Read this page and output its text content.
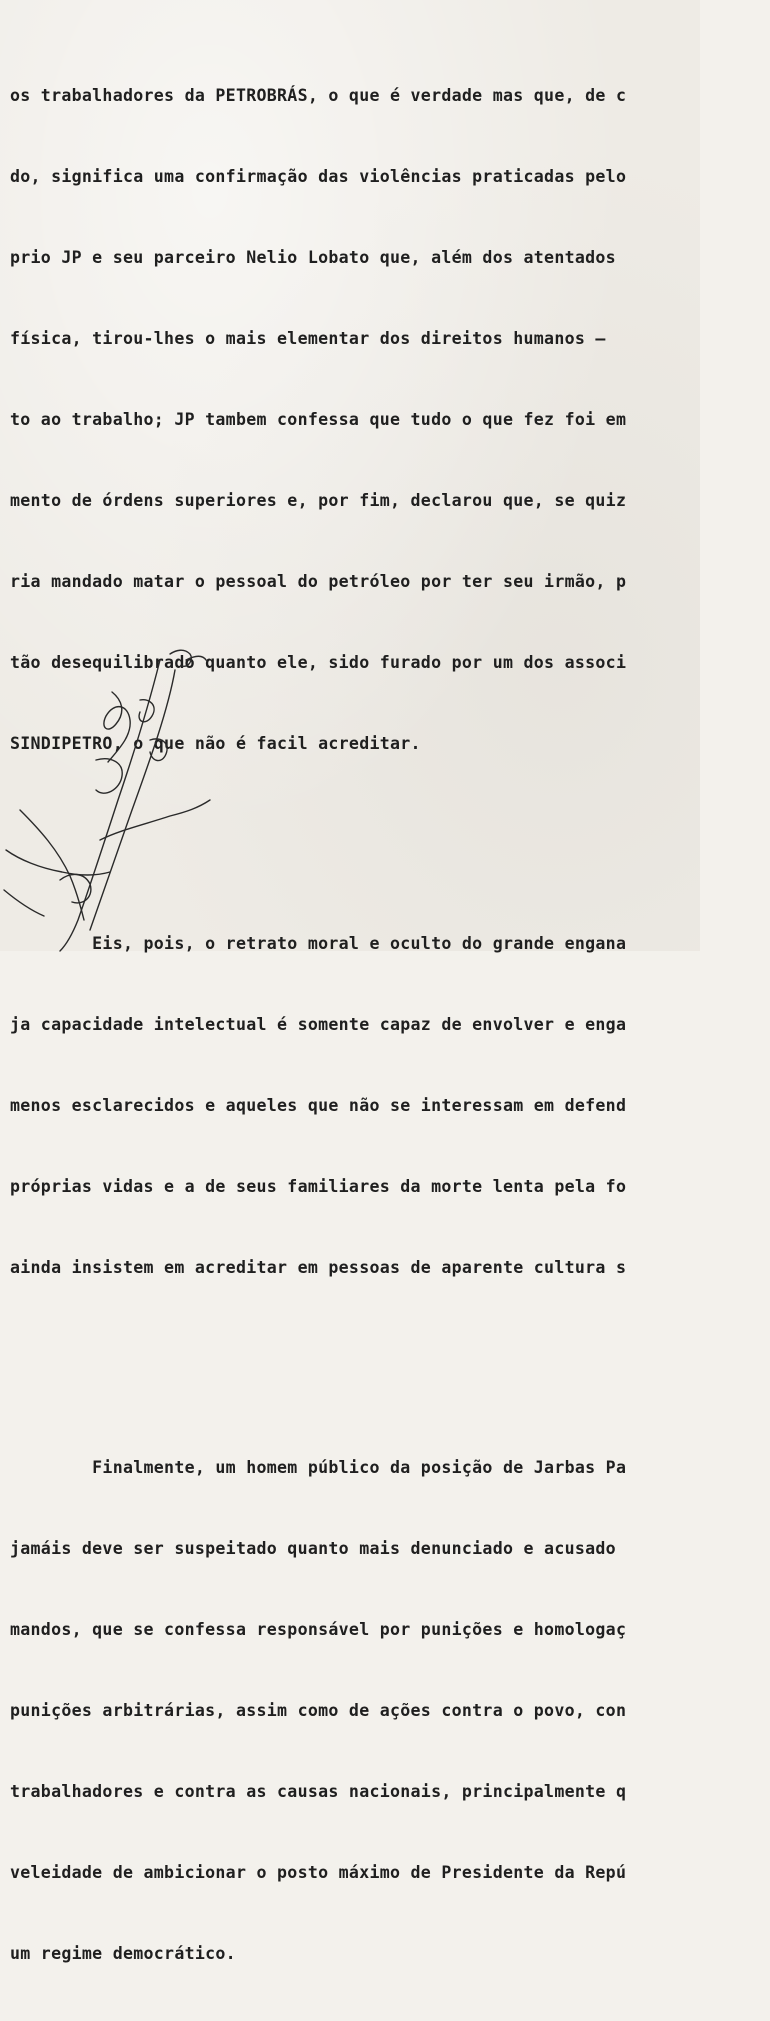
os trabalhadores da PETROBRÁS, o que é verdade mas que, de c

do, significa uma confirmação das violências praticadas pelo

prio JP e seu parceiro Nelio Lobato que, além dos atentados

física, tirou-lhes o mais elementar dos direitos humanos —

to ao trabalho; JP tambem confessa que tudo o que fez foi em

mento de órdens superiores e, por fim, declarou que, se quiz

ria mandado matar o pessoal do petróleo por ter seu irmão, p

tão desequilibrado quanto ele, sido furado por um dos associ

SINDIPETRO, o que não é facil acreditar.

Eis, pois, o retrato moral e oculto do grande engana

ja capacidade intelectual é somente capaz de envolver e enga

menos esclarecidos e aqueles que não se interessam em defend

próprias vidas e a de seus familiares da morte lenta pela fo

ainda insistem em acreditar em pessoas de aparente cultura s

Finalmente, um homem público da posição de Jarbas Pa

jamáis deve ser suspeitado quanto mais denunciado e acusado

mandos, que se confessa responsável por punições e homologaç

punições arbitrárias, assim como de ações contra o povo, con

trabalhadores e contra as causas nacionais, principalmente q

veleidade de ambicionar o posto máximo de Presidente da Repú

um regime democrático.
